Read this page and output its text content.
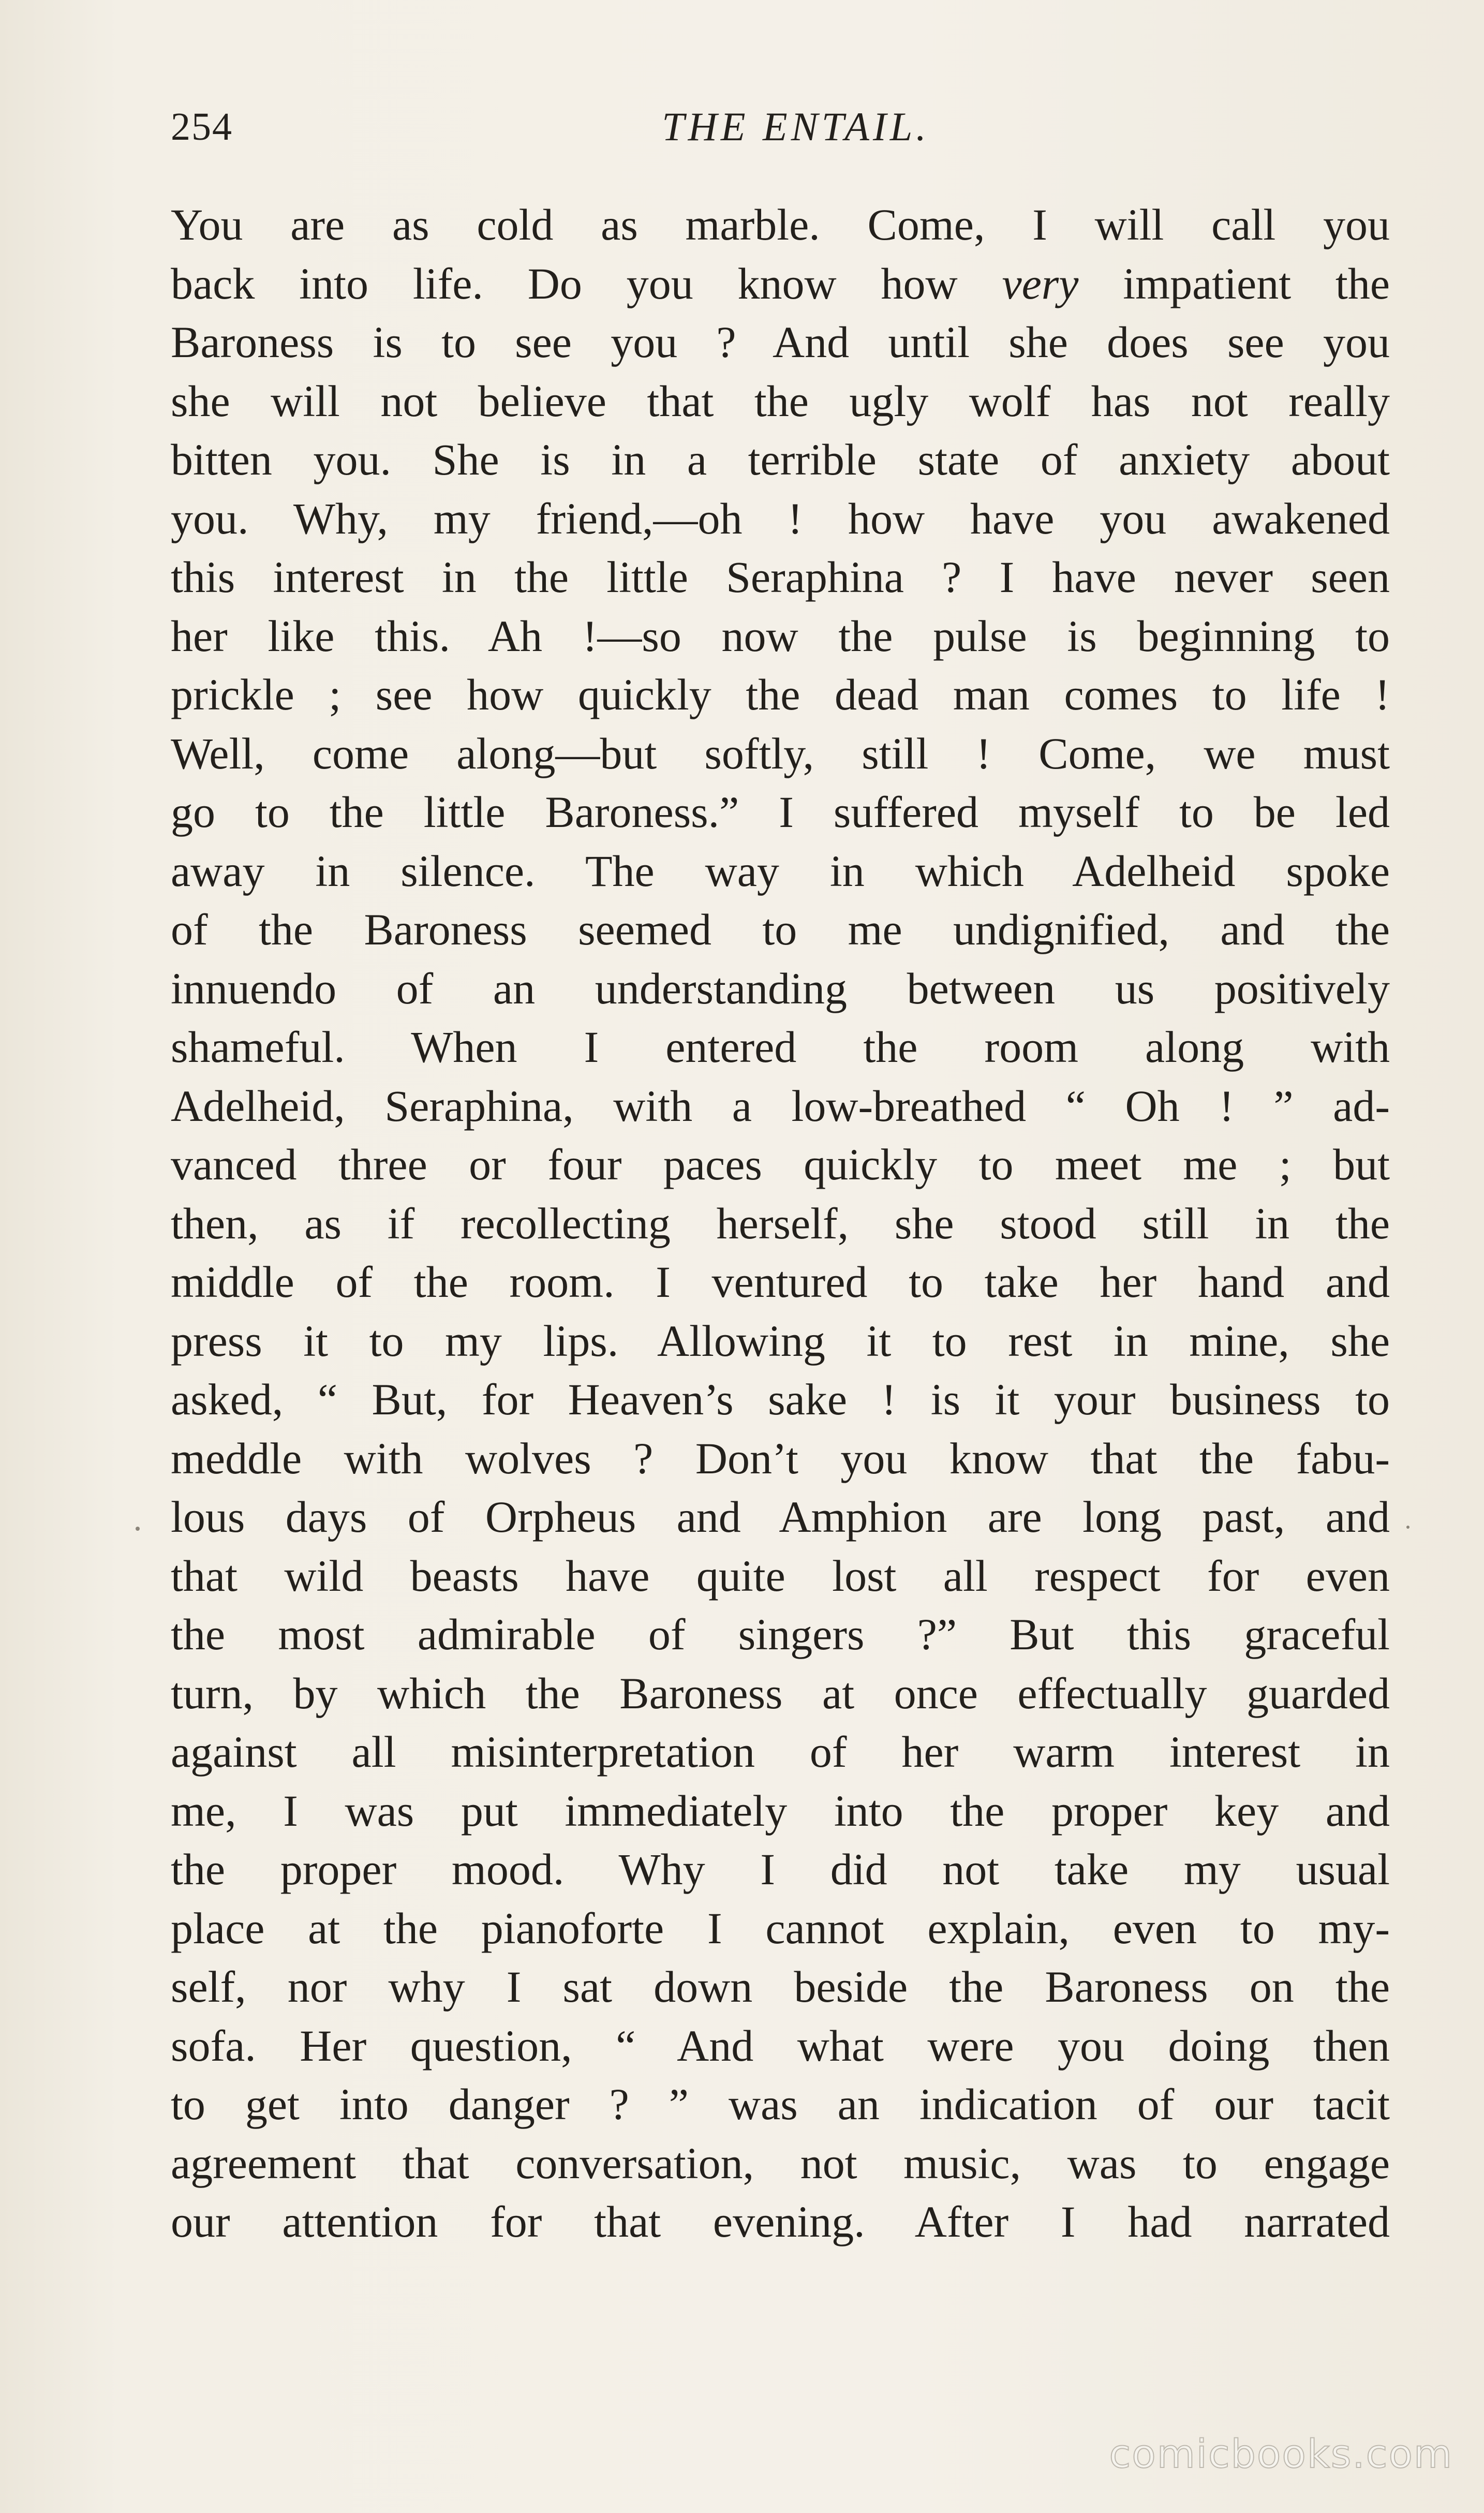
254	THE ENTAIL.
You are as cold as marble. Come, I will call you
back into life. Do you know how very impatient the
Baroness is to see you ? And until she does see you
she will not believe that the ugly wolf has not really
bitten you. She is in a terrible state of anxiety about
you. Why, my friend,—oh ! how have you awakened
this interest in the little Seraphina ? I have never seen
her like this. Ah !—so now the pulse is beginning to
prickle ; see how quickly the dead man comes to life !
Well, come along—but softly, still ! Come, we must
go to the little Baroness.” I suffered myself to be led
away in silence. The way in which Adelheid spoke
of the Baroness seemed to me undignified, and the
innuendo of an understanding between us positively
shameful. When I entered the room along with
Adelheid, Seraphina, with a low-breathed “ Oh ! ” ad-
vanced three or four paces quickly to meet me ; but
then, as if recollecting herself, she stood still in the
middle of the room. I ventured to take her hand and
press it to my lips. Allowing it to rest in mine, she
asked, “ But, for Heaven’s sake ! is it your business to
meddle with wolves ? Don’t you know that the fabu-
lous days of Orpheus and Amphion are long past, and
that wild beasts have quite lost all respect for even
the most admirable of singers ?” But this graceful
turn, by which the Baroness at once effectually guarded
against all misinterpretation of her warm interest in
me, I was put immediately into the proper key and
the proper mood. Why I did not take my usual
place at the pianoforte I cannot explain, even to my-
self, nor why I sat down beside the Baroness on the
sofa. Her question, “ And what were you doing then
to get into danger ? ” was an indication of our tacit
agreement that conversation, not music, was to engage
our attention for that evening. After I had narrated
comicbooks.com
